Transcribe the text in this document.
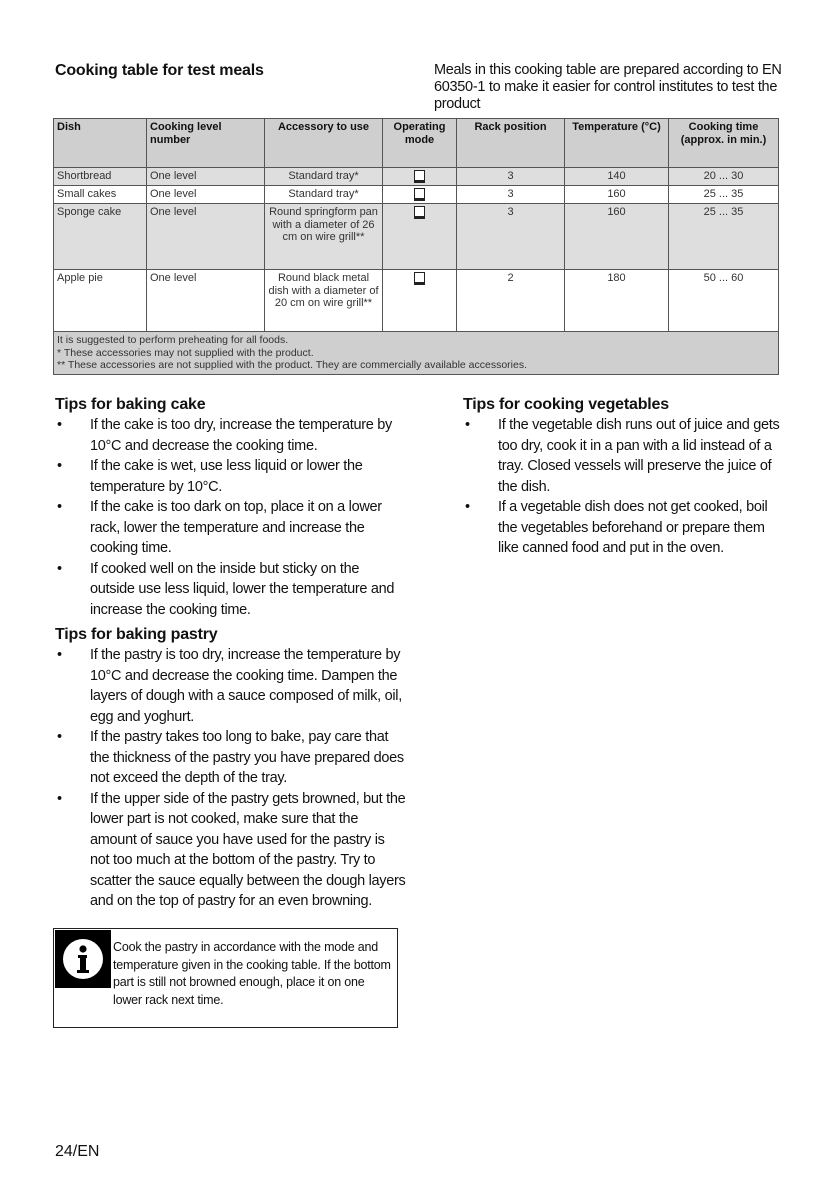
Cooking table for test meals	Meals in this cooking table are prepared according to EN 60350-1 to make it easier for control institutes to test the product
Dish	Cooking level number	Accessory to use	Operating mode	Rack position	Temperature (°C)	Cooking time (approx. in min.)
Shortbread	One level	Standard tray*		3	140	20 ... 30
Small cakes	One level	Standard tray*		3	160	25 ... 35
Sponge cake	One level	Round springform pan with a diameter of 26 cm on wire grill**		3	160	25 ... 35
Apple pie	One level	Round black metal dish with a diameter of 20 cm on wire grill**		2	180	50 ... 60

It is suggested to perform preheating for all foods.
* These accessories may not supplied with the product.
** These accessories are not supplied with the product. They are commercially available accessories.						
Tips for baking cake
• If the cake is too dry, increase the temperature by 10°C and decrease the cooking time.
• If the cake is wet, use less liquid or lower the temperature by 10°C.
• If the cake is too dark on top, place it on a lower rack, lower the temperature and increase the cooking time.
• If cooked well on the inside but sticky on the outside use less liquid, lower the temperature and increase the cooking time.
Tips for baking pastry
• If the pastry is too dry, increase the temperature by 10°C and decrease the cooking time. Dampen the layers of dough with a sauce composed of milk, oil, egg and yoghurt.
• If the pastry takes too long to bake, pay care that the thickness of the pastry you have prepared does not exceed the depth of the tray.
• If the upper side of the pastry gets browned, but the lower part is not cooked, make sure that the amount of sauce you have used for the pastry is not too much at the bottom of the pastry. Try to scatter the sauce equally between the dough layers and on the top of pastry for an even browning.
Tips for cooking vegetables
• If the vegetable dish runs out of juice and gets too dry, cook it in a pan with a lid instead of a tray. Closed vessels will preserve the juice of the dish.
• If a vegetable dish does not get cooked, boil the vegetables beforehand or prepare them like canned food and put in the oven.
Cook the pastry in accordance with the mode and temperature given in the cooking table. If the bottom part is still not browned enough, place it on one lower rack next time.
24/EN
